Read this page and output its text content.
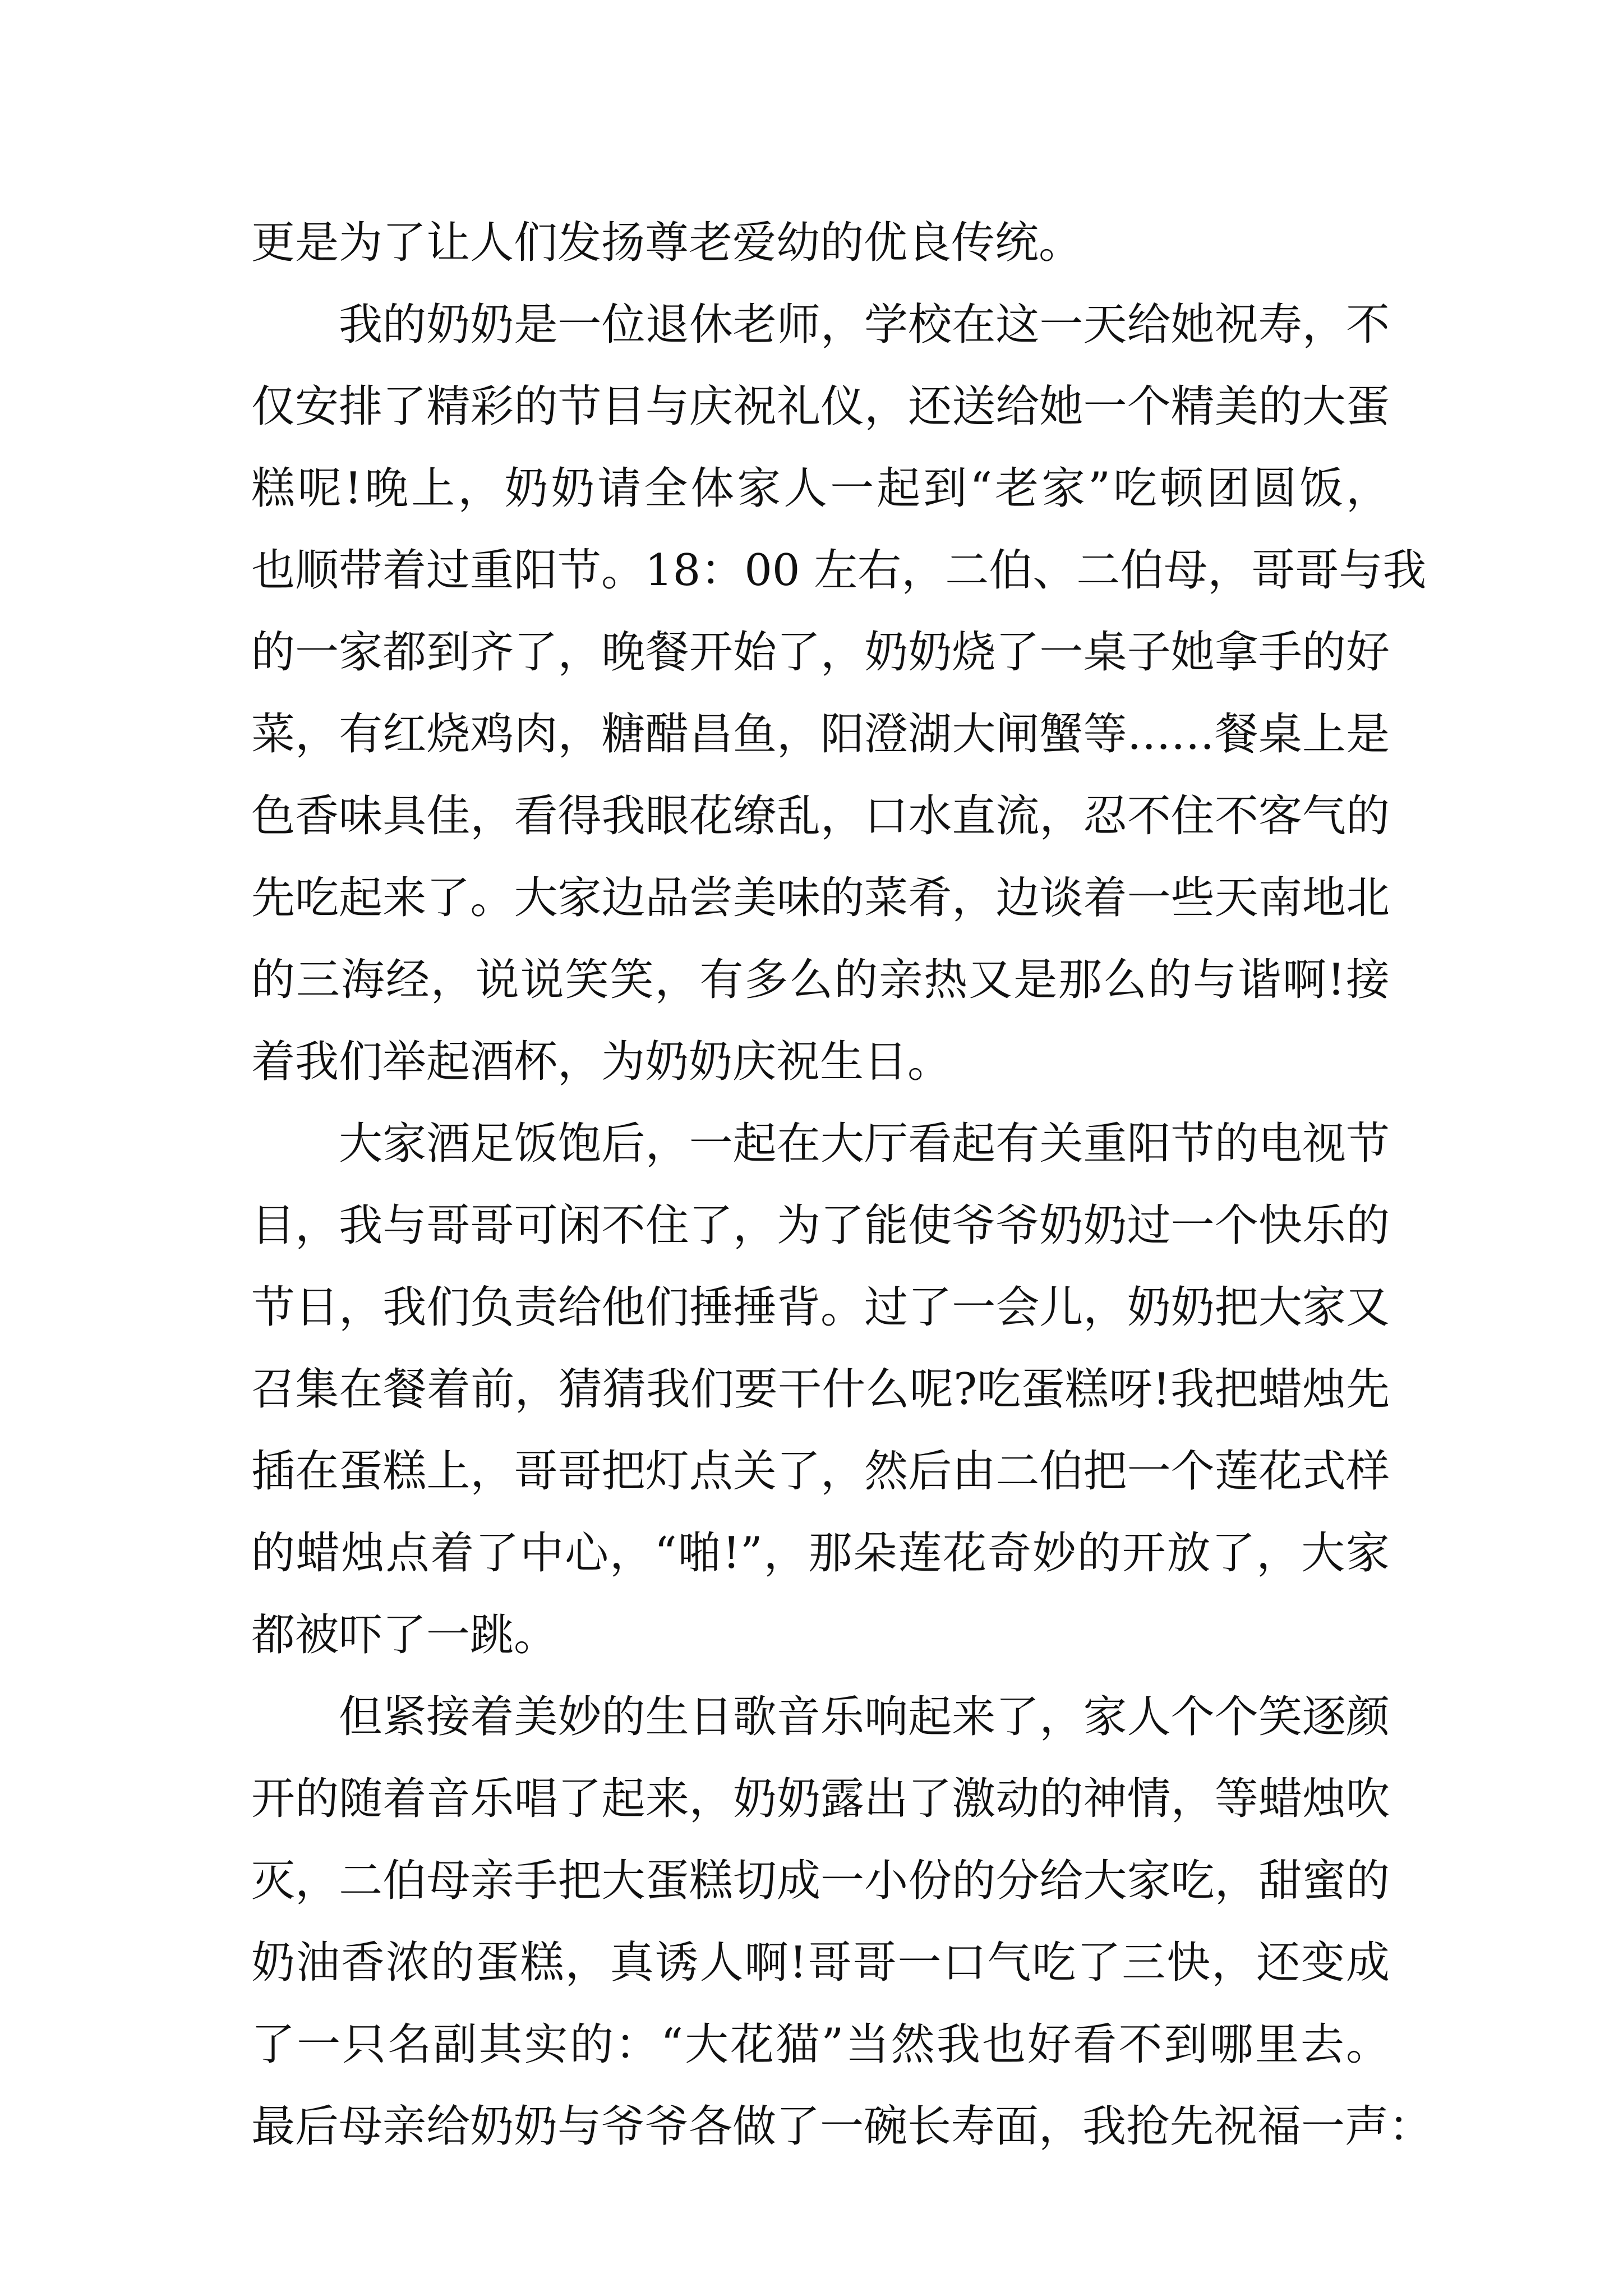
更是为了让人们发扬尊老爱幼的优良传统。
我的奶奶是一位退休老师，学校在这一天给她祝寿，不
仅安排了精彩的节目与庆祝礼仪，还送给她一个精美的大蛋
糕呢!晚上，奶奶请全体家人一起到“老家”吃顿团圆饭，
也顺带着过重阳节。18：00 左右，二伯、二伯母，哥哥与我
的一家都到齐了，晚餐开始了，奶奶烧了一桌子她拿手的好
菜，有红烧鸡肉，糖醋昌鱼，阳澄湖大闸蟹等……餐桌上是
色香味具佳，看得我眼花缭乱，口水直流，忍不住不客气的
先吃起来了。大家边品尝美味的菜肴，边谈着一些天南地北
的三海经，说说笑笑，有多么的亲热又是那么的与谐啊!接
着我们举起酒杯，为奶奶庆祝生日。
大家酒足饭饱后，一起在大厅看起有关重阳节的电视节
目，我与哥哥可闲不住了，为了能使爷爷奶奶过一个快乐的
节日，我们负责给他们捶捶背。过了一会儿，奶奶把大家又
召集在餐着前，猜猜我们要干什么呢?吃蛋糕呀!我把蜡烛先
插在蛋糕上，哥哥把灯点关了，然后由二伯把一个莲花式样
的蜡烛点着了中心，“啪!”，那朵莲花奇妙的开放了，大家
都被吓了一跳。
但紧接着美妙的生日歌音乐响起来了，家人个个笑逐颜
开的随着音乐唱了起来，奶奶露出了激动的神情，等蜡烛吹
灭，二伯母亲手把大蛋糕切成一小份的分给大家吃，甜蜜的
奶油香浓的蛋糕，真诱人啊!哥哥一口气吃了三快，还变成
了一只名副其实的：“大花猫”当然我也好看不到哪里去。
最后母亲给奶奶与爷爷各做了一碗长寿面，我抢先祝福一声：
